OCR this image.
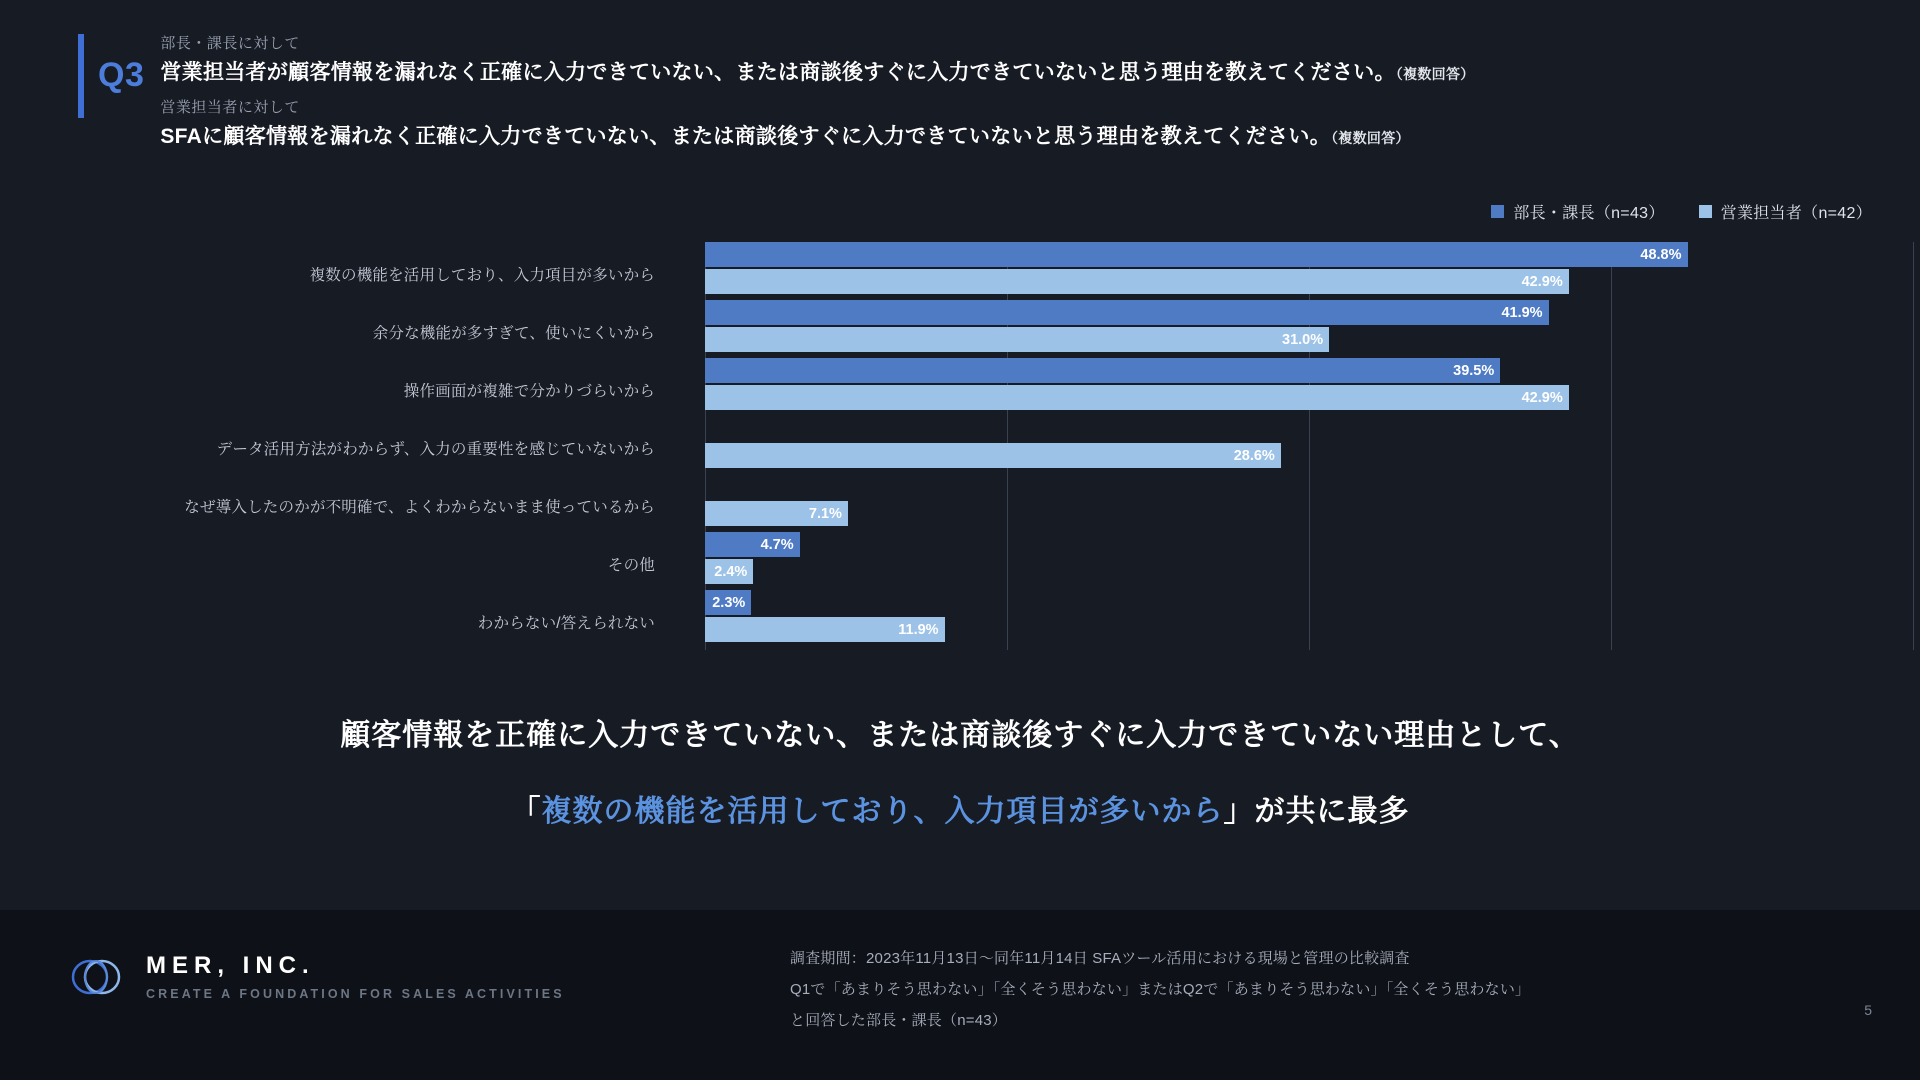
Q3
部長・課長に対して
営業担当者が顧客情報を漏れなく正確に入力できていない、または商談後すぐに入力できていないと思う理由を教えてください。（複数回答）
営業担当者に対して
SFAに顧客情報を漏れなく正確に入力できていない、または商談後すぐに入力できていないと思う理由を教えてください。（複数回答）
部長・課長（n=43）	営業担当者（n=42）
複数の機能を活用しており、入力項目が多いから
余分な機能が多すぎて、使いにくいから
操作画面が複雑で分かりづらいから
データ活用方法がわからず、入力の重要性を感じていないから
なぜ導入したのかが不明確で、よくわからないまま使っているから
その他
わからない/答えられない
48.8%
42.9%
41.9%
31.0%
39.5%
42.9%
28.6%
7.1%
4.7%
2.4%
2.3%
11.9%
顧客情報を正確に入力できていない、または商談後すぐに入力できていない理由として、
「複数の機能を活用しており、入力項目が多いから」が共に最多
MER, INC.
CREATE A FOUNDATION FOR SALES ACTIVITIES
調査期間：2023年11月13日〜同年11月14日 SFAツール活用における現場と管理の比較調査
Q1で「あまりそう思わない」「全くそう思わない」またはQ2で「あまりそう思わない」「全くそう思わない」
と回答した部長・課長（n=43）
5
